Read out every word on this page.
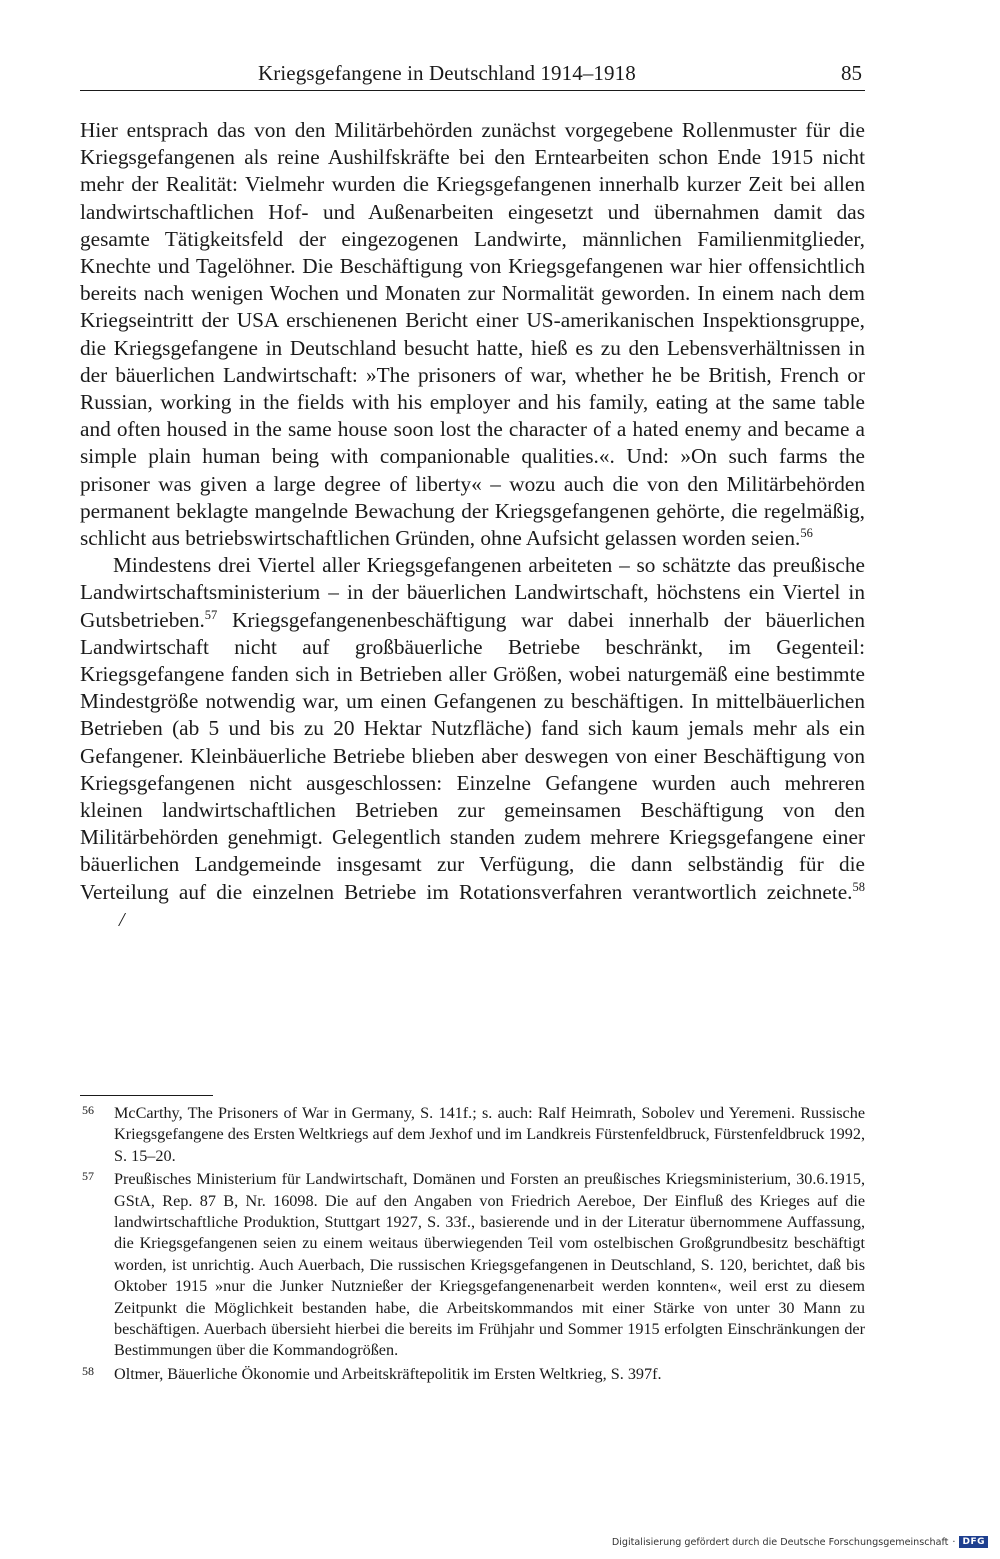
Kriegsgefangene in Deutschland 1914–1918	85

Hier entsprach das von den Militärbehörden zunächst vorgegebene Rollenmuster für die Kriegsgefangenen als reine Aushilfskräfte bei den Erntearbeiten schon Ende 1915 nicht mehr der Realität: Vielmehr wurden die Kriegsgefangenen innerhalb kurzer Zeit bei allen landwirtschaftlichen Hof- und Außenarbeiten eingesetzt und übernahmen damit das gesamte Tätigkeitsfeld der eingezogenen Landwirte, männlichen Familienmitglieder, Knechte und Tagelöhner. Die Beschäftigung von Kriegsgefangenen war hier offensichtlich bereits nach wenigen Wochen und Monaten zur Normalität geworden. In einem nach dem Kriegseintritt der USA erschienenen Bericht einer US-amerikanischen Inspektionsgruppe, die Kriegsgefangene in Deutschland besucht hatte, hieß es zu den Lebensverhältnissen in der bäuerlichen Landwirtschaft: »The prisoners of war, whether he be British, French or Russian, working in the fields with his employer and his family, eating at the same table and often housed in the same house soon lost the character of a hated enemy and became a simple plain human being with companionable qualities.«. Und: »On such farms the prisoner was given a large degree of liberty« – wozu auch die von den Militärbehörden permanent beklagte mangelnde Bewachung der Kriegsgefangenen gehörte, die regelmäßig, schlicht aus betriebswirtschaftlichen Gründen, ohne Aufsicht gelassen worden seien.$^{56}$

Mindestens drei Viertel aller Kriegsgefangenen arbeiteten – so schätzte das preußische Landwirtschaftsministerium – in der bäuerlichen Landwirtschaft, höchstens ein Viertel in Gutsbetrieben.$^{57}$ Kriegsgefangenenbeschäftigung war dabei innerhalb der bäuerlichen Landwirtschaft nicht auf großbäuerliche Betriebe beschränkt, im Gegenteil: Kriegsgefangene fanden sich in Betrieben aller Größen, wobei naturgemäß eine bestimmte Mindestgröße notwendig war, um einen Gefangenen zu beschäftigen. In mittelbäuerlichen Betrieben (ab 5 und bis zu 20 Hektar Nutzfläche) fand sich kaum jemals mehr als ein Gefangener. Kleinbäuerliche Betriebe blieben aber deswegen von einer Beschäftigung von Kriegsgefangenen nicht ausgeschlossen: Einzelne Gefangene wurden auch mehreren kleinen landwirtschaftlichen Betrieben zur gemeinsamen Beschäftigung von den Militärbehörden genehmigt. Gelegentlich standen zudem mehrere Kriegsgefangene einer bäuerlichen Landgemeinde insgesamt zur Verfügung, die dann selbständig für die Verteilung auf die einzelnen Betriebe im Rotationsverfahren verantwortlich zeichnete.$^{58}$/

56 McCarthy, The Prisoners of War in Germany, S. 141f.; s. auch: Ralf Heimrath, Sobolev und Yeremeni. Russische Kriegsgefangene des Ersten Weltkriegs auf dem Jexhof und im Landkreis Fürstenfeldbruck, Fürstenfeldbruck 1992, S. 15–20.
57 Preußisches Ministerium für Landwirtschaft, Domänen und Forsten an preußisches Kriegsministerium, 30.6.1915, GStA, Rep. 87 B, Nr. 16098. Die auf den Angaben von Friedrich Aereboe, Der Einfluß des Krieges auf die landwirtschaftliche Produktion, Stuttgart 1927, S. 33f., basierende und in der Literatur übernommene Auffassung, die Kriegsgefangenen seien zu einem weitaus überwiegenden Teil vom ostelbischen Großgrundbesitz beschäftigt worden, ist unrichtig. Auch Auerbach, Die russischen Kriegsgefangenen in Deutschland, S. 120, berichtet, daß bis Oktober 1915 »nur die Junker Nutznießer der Kriegsgefangenenarbeit werden konnten«, weil erst zu diesem Zeitpunkt die Möglichkeit bestanden habe, die Arbeitskommandos mit einer Stärke von unter 30 Mann zu beschäftigen. Auerbach übersieht hierbei die bereits im Frühjahr und Sommer 1915 erfolgten Einschränkungen der Bestimmungen über die Kommandogrößen.
58 Oltmer, Bäuerliche Ökonomie und Arbeitskräftepolitik im Ersten Weltkrieg, S. 397f.
Digitalisierung gefördert durch die Deutsche Forschungsgemeinschaft · DFG
